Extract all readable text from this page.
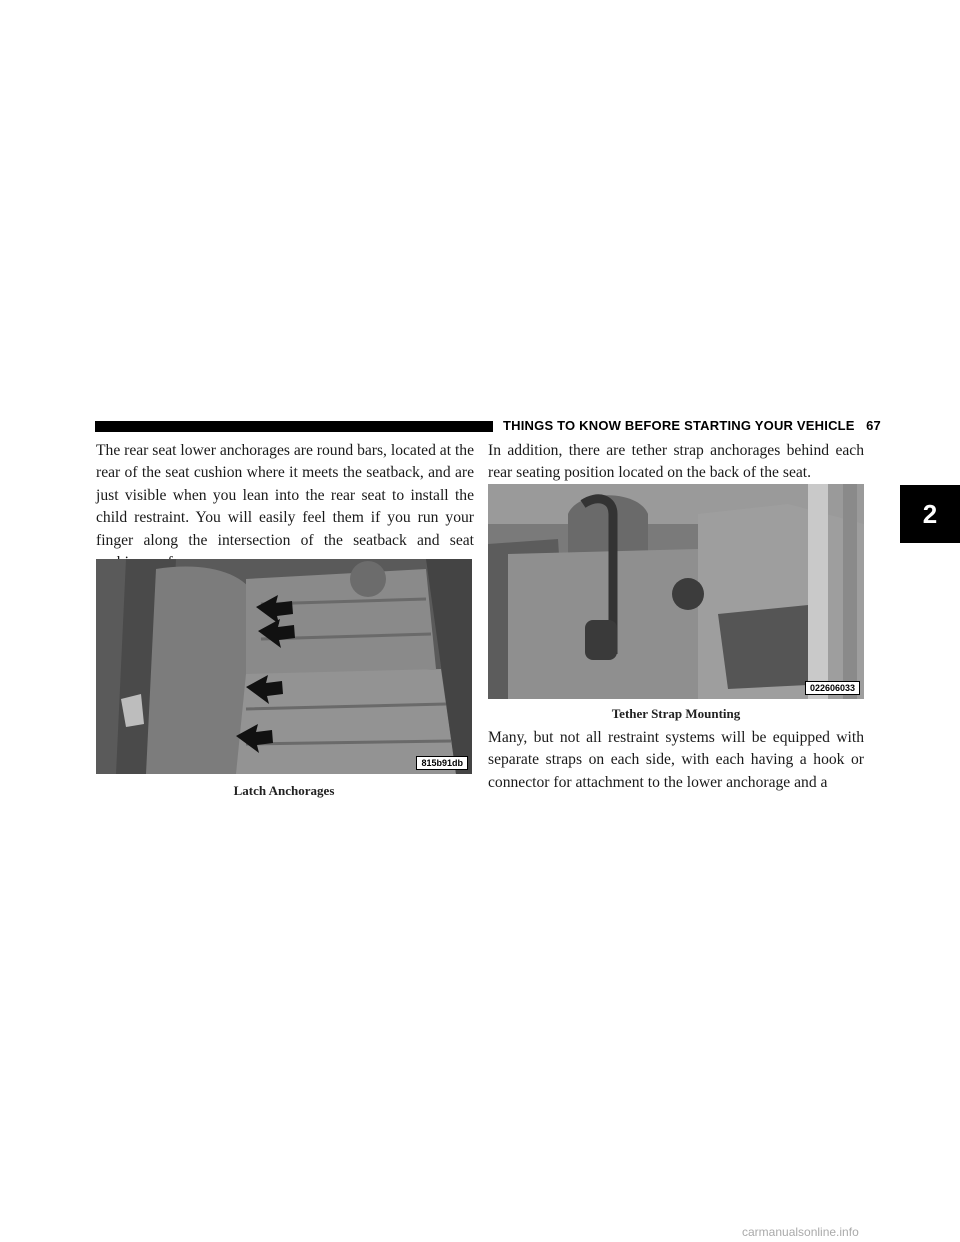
THINGS TO KNOW BEFORE STARTING YOUR VEHICLE 67
2

The rear seat lower anchorages are round bars, located at the rear of the seat cushion where it meets the seatback, and are just visible when you lean into the rear seat to install the child restraint. You will easily feel them if you run your finger along the intersection of the seatback and seat

815b91db
Latch Anchorages

In addition, there are tether strap anchorages behind each rear seating position located on the back of the seat.

022606033
Tether Strap Mounting

Many, but not all restraint systems will be equipped with separate straps on each side, with each having a hook or connector for attachment to the lower anchorage and a

carmanualsonline.info
